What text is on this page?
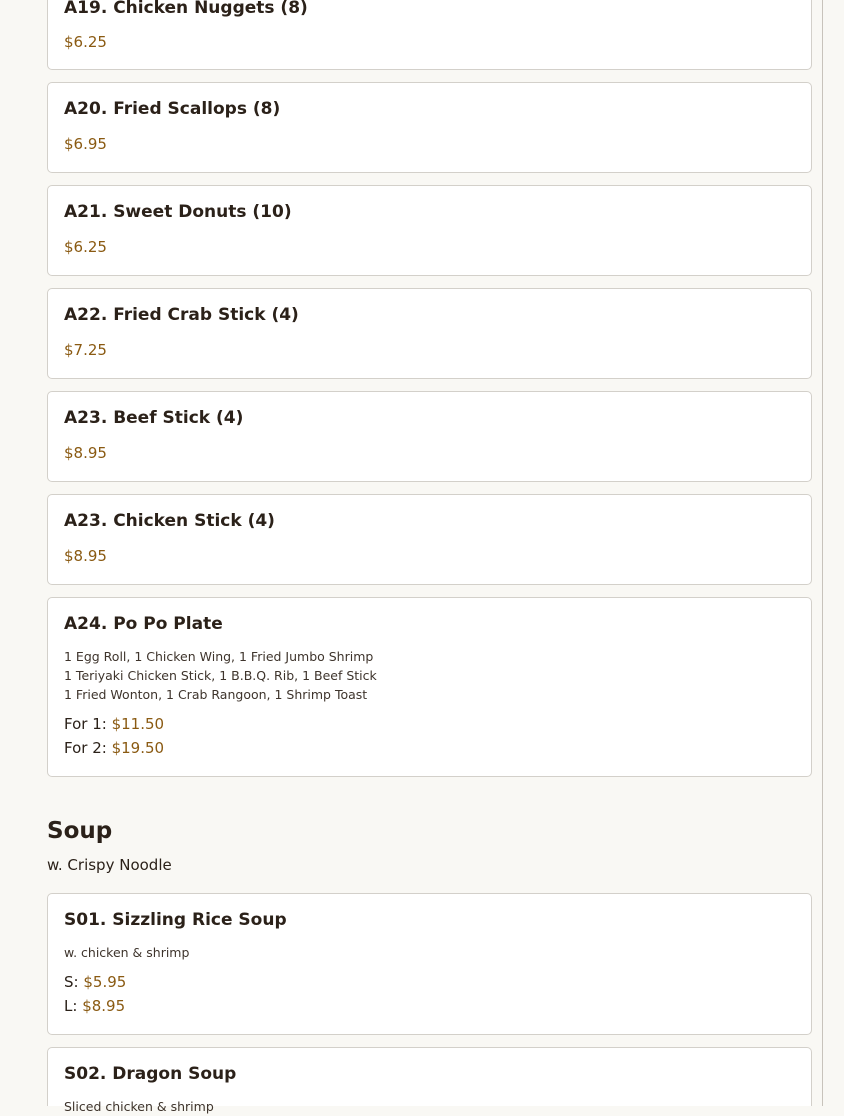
A19. Chicken Nuggets (8)
$6.25
A20. Fried Scallops (8)
$6.95
A21. Sweet Donuts (10)
$6.25
A22. Fried Crab Stick (4)
$7.25
A23. Beef Stick (4)
$8.95
A23. Chicken Stick (4)
$8.95
A24. Po Po Plate
1 Egg Roll, 1 Chicken Wing, 1 Fried Jumbo Shrimp
1 Teriyaki Chicken Stick, 1 B.B.Q. Rib, 1 Beef Stick
1 Fried Wonton, 1 Crab Rangoon, 1 Shrimp Toast
For 1: $11.50
For 2: $19.50
Soup
w. Crispy Noodle
S01. Sizzling Rice Soup
w. chicken & shrimp
S: $5.95
L: $8.95
S02. Dragon Soup
Sliced chicken & shrimp
